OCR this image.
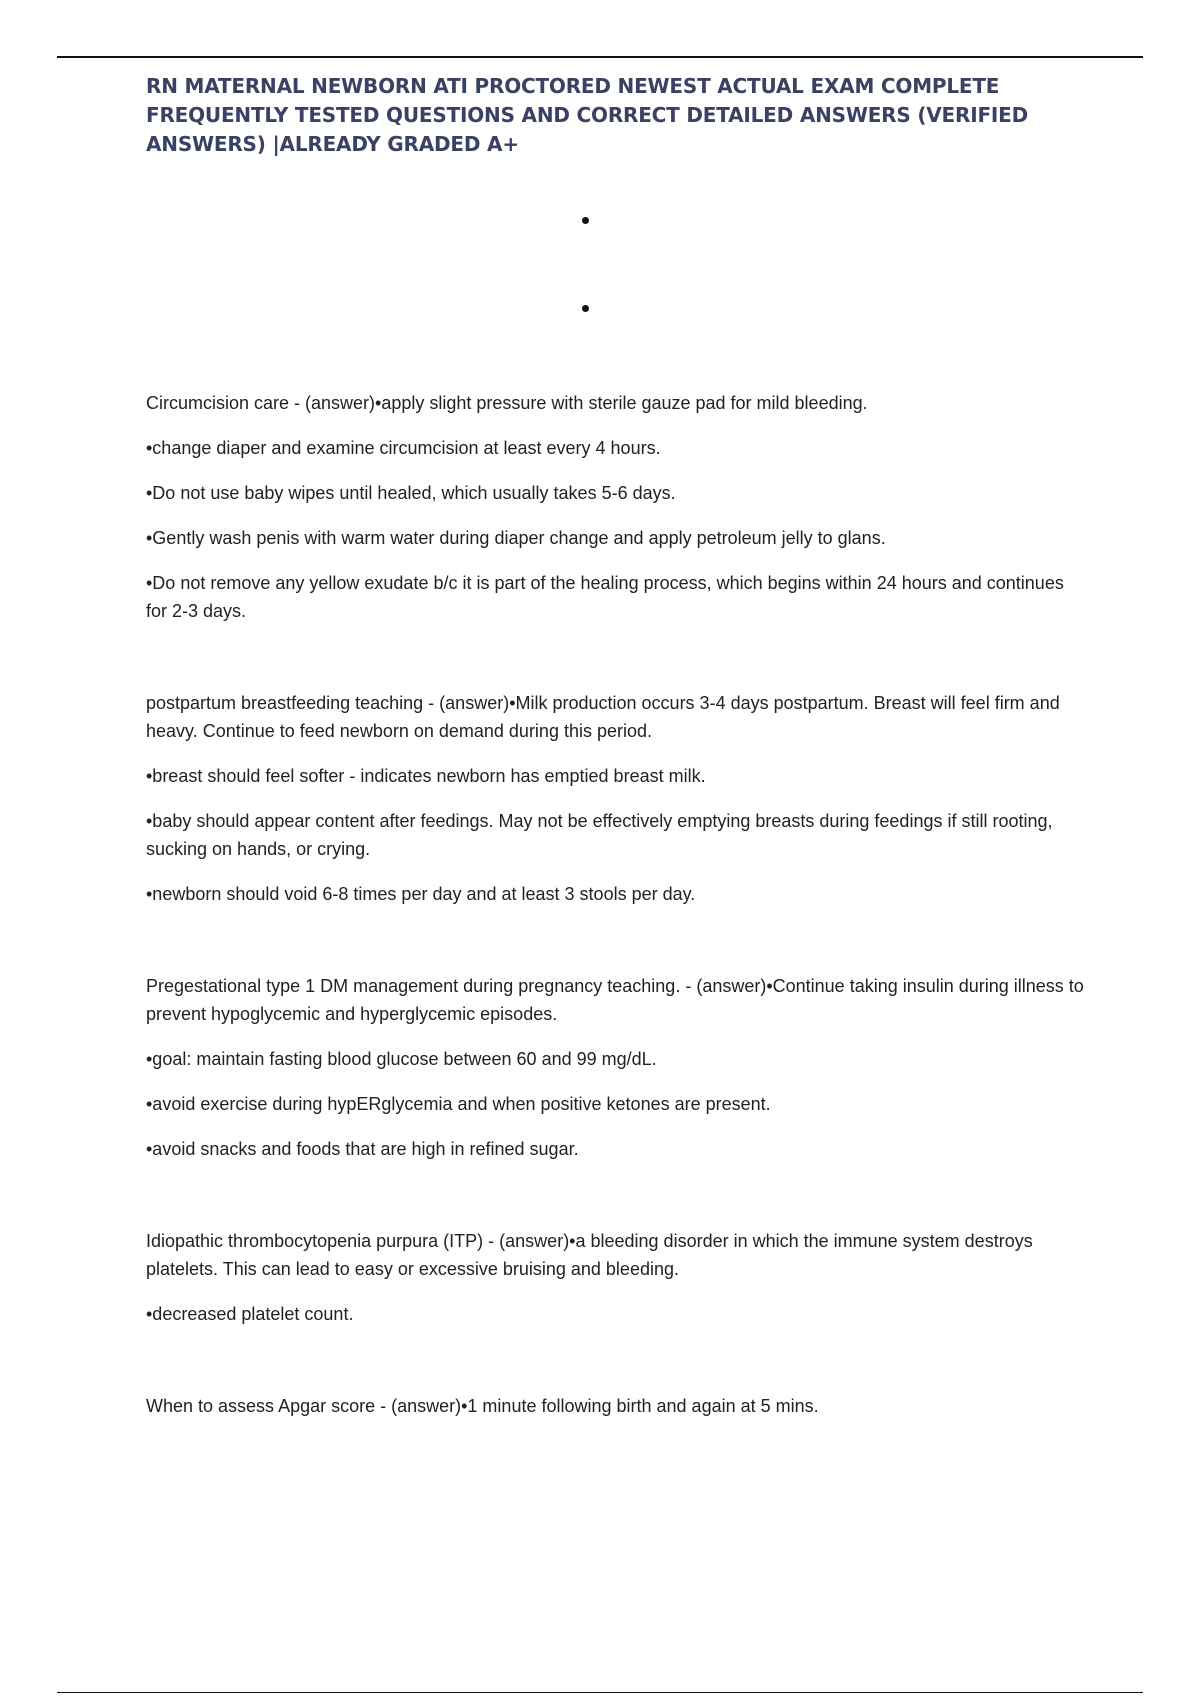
RN MATERNAL NEWBORN ATI PROCTORED NEWEST ACTUAL EXAM COMPLETE
FREQUENTLY TESTED QUESTIONS AND CORRECT DETAILED ANSWERS (VERIFIED
ANSWERS) |ALREADY GRADED A+

Circumcision care - (answer)•apply slight pressure with sterile gauze pad for mild bleeding.

•change diaper and examine circumcision at least every 4 hours.

•Do not use baby wipes until healed, which usually takes 5-6 days.

•Gently wash penis with warm water during diaper change and apply petroleum jelly to glans.

•Do not remove any yellow exudate b/c it is part of the healing process, which begins within 24 hours and continues for 2-3 days.

postpartum breastfeeding teaching - (answer)•Milk production occurs 3-4 days postpartum. Breast will feel firm and heavy. Continue to feed newborn on demand during this period.

•breast should feel softer - indicates newborn has emptied breast milk.

•baby should appear content after feedings. May not be effectively emptying breasts during feedings if still rooting, sucking on hands, or crying.

•newborn should void 6-8 times per day and at least 3 stools per day.

Pregestational type 1 DM management during pregnancy teaching. - (answer)•Continue taking insulin during illness to prevent hypoglycemic and hyperglycemic episodes.

•goal: maintain fasting blood glucose between 60 and 99 mg/dL.

•avoid exercise during hypERglycemia and when positive ketones are present.

•avoid snacks and foods that are high in refined sugar.

Idiopathic thrombocytopenia purpura (ITP) - (answer)•a bleeding disorder in which the immune system destroys platelets. This can lead to easy or excessive bruising and bleeding.

•decreased platelet count.

When to assess Apgar score - (answer)•1 minute following birth and again at 5 mins.
